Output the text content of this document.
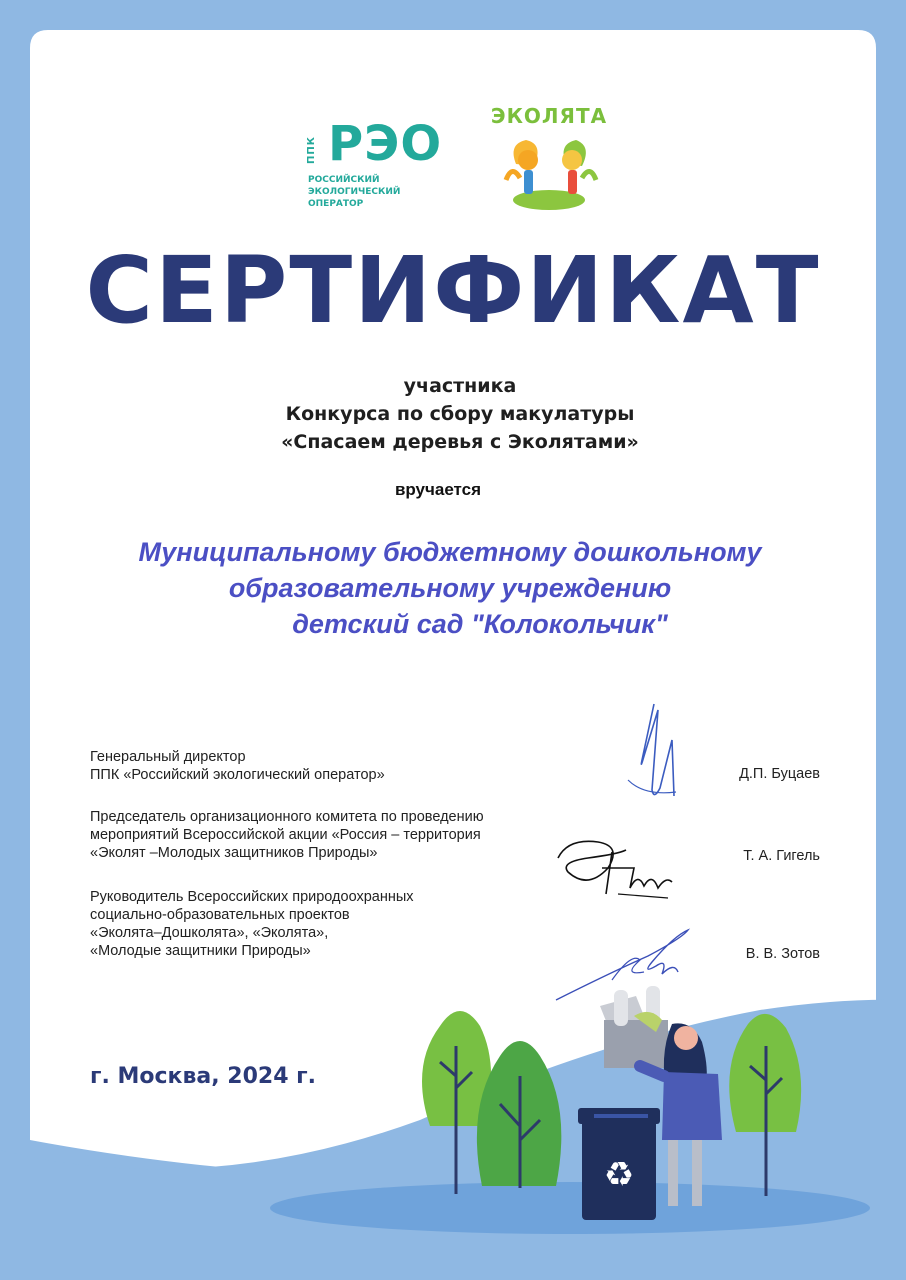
ППК РЭО
РОССИЙСКИЙ
ЭКОЛОГИЧЕСКИЙ
ОПЕРАТОР
ЭКОЛЯТА
СЕРТИФИКАТ
участника
Конкурса по сбору макулатуры
«Спасаем деревья с Эколятами»
вручается
Муниципальному бюджетному дошкольному
образовательному учреждению
детский сад "Колокольчик"
Генеральный директор
ППК «Российский экологический оператор»	Д.П. Буцаев
Председатель организационного комитета по проведению
мероприятий Всероссийской акции «Россия – территория
«Эколят –Молодых защитников Природы»	Т. А. Гигель
Руководитель Всероссийских природоохранных
социально-образовательных проектов
«Эколята–Дошколята», «Эколята»,
«Молодые защитники Природы»	В. В. Зотов
♻
г. Москва, 2024 г.
